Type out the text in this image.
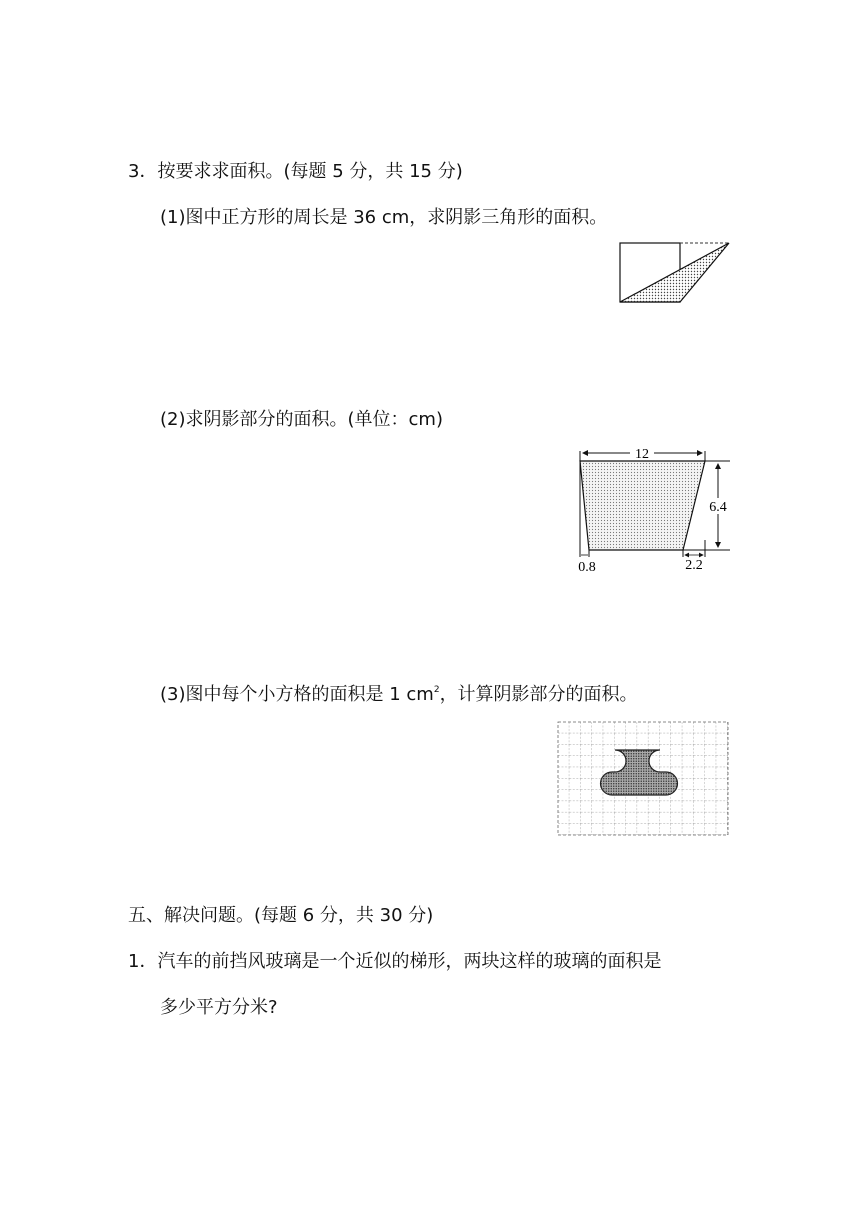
3．按要求求面积。(每题 5 分，共 15 分)
(1)图中正方形的周长是 36 cm，求阴影三角形的面积。
(2)求阴影部分的面积。(单位：cm)
12
6.4
0.8	2.2
(3)图中每个小方格的面积是 1 $cm^2$，计算阴影部分的面积。
五、解决问题。(每题 6 分，共 30 分)
1．汽车的前挡风玻璃是一个近似的梯形，两块这样的玻璃的面积是
多少平方分米?
